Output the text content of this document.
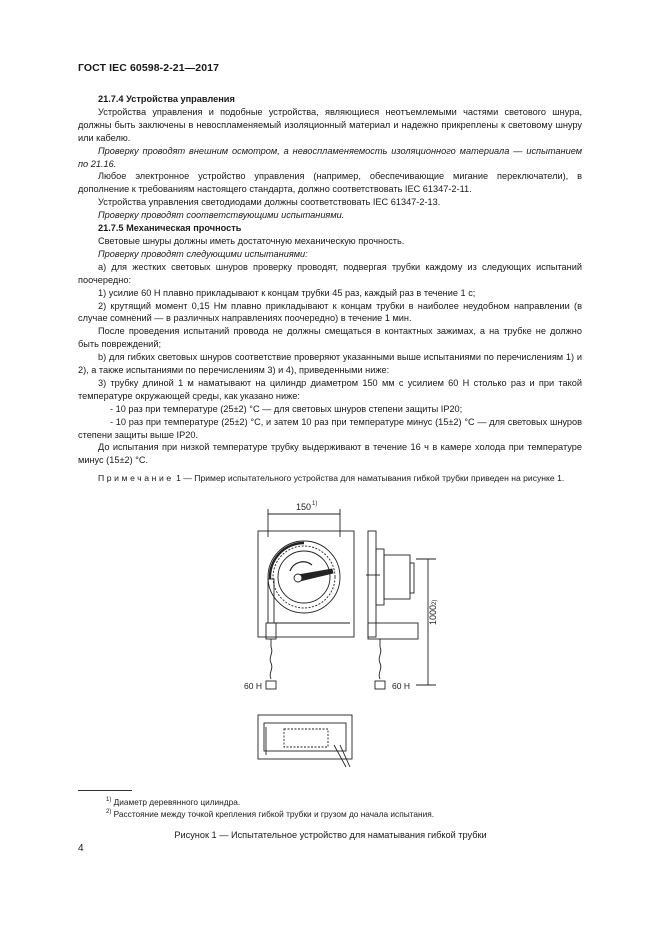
ГОСТ IEC 60598-2-21—2017
21.7.4 Устройства управления
Устройства управления и подобные устройства, являющиеся неотъемлемыми частями светового шнура, должны быть заключены в невоспламеняемый изоляционный материал и надежно прикреплены к световому шнуру или кабелю.
Проверку проводят внешним осмотром, а невоспламеняемость изоляционного материала — испытанием по 21.16.
Любое электронное устройство управления (например, обеспечивающие мигание переключатели), в дополнение к требованиям настоящего стандарта, должно соответствовать IEC 61347-2-11.
Устройства управления светодиодами должны соответствовать IEC 61347-2-13.
Проверку проводят соответствующими испытаниями.
21.7.5 Механическая прочность
Световые шнуры должны иметь достаточную механическую прочность.
Проверку проводят следующими испытаниями:
а) для жестких световых шнуров проверку проводят, подвергая трубки каждому из следующих испытаний поочередно:
1) усилие 60 Н плавно прикладывают к концам трубки 45 раз, каждый раз в течение 1 с;
2) крутящий момент 0,15 Нм плавно прикладывают к концам трубки в наиболее неудобном направлении (в случае сомнений — в различных направлениях поочередно) в течение 1 мин.
После проведения испытаний провода не должны смещаться в контактных зажимах, а на трубке не должно быть повреждений;
b) для гибких световых шнуров соответствие проверяют указанными выше испытаниями по перечислениям 1) и 2), а также испытаниями по перечислениям 3) и 4), приведенными ниже:
3) трубку длиной 1 м наматывают на цилиндр диаметром 150 мм с усилием 60 Н столько раз и при такой температуре окружающей среды, как указано ниже:
- 10 раз при температуре (25±2) °С — для световых шнуров степени защиты IP20;
- 10 раз при температуре (25±2) °С, и затем 10 раз при температуре минус (15±2) °С — для световых шнуров степени защиты выше IP20.
До испытания при низкой температуре трубку выдерживают в течение 16 ч в камере холода при температуре минус (15±2) °С.
Примечание 1 — Пример испытательного устройства для наматывания гибкой трубки приведен на рисунке 1.
150 1)
1000
2)
60 Н	60 Н
$^{1)}$ Диаметр деревянного цилиндра.
$^{2)}$ Расстояние между точкой крепления гибкой трубки и грузом до начала испытания.
Рисунок 1 — Испытательное устройство для наматывания гибкой трубки
4
